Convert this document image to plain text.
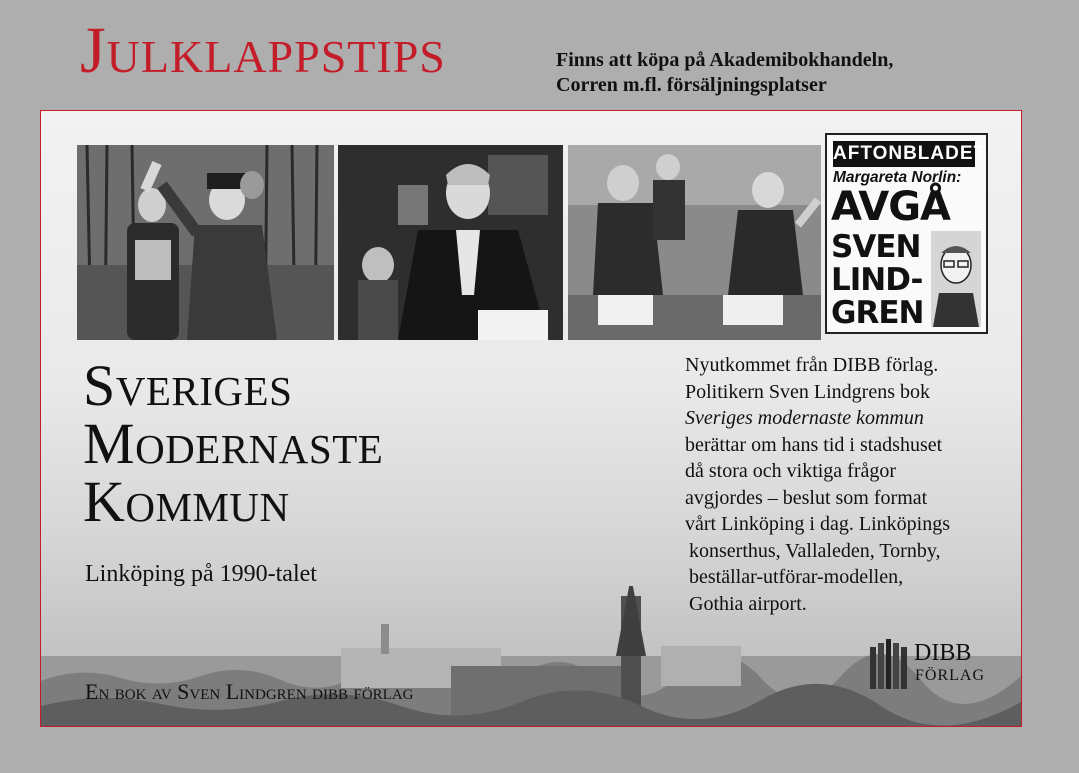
Julklappstips	Finns att köpa på Akademibokhandeln,
Corren m.fl. försäljningsplatser
AFTONBLADET
Margareta Norlin:
AVGÅ
SVEN
LIND-
GREN
Sveriges
Modernaste
Kommun
Linköping på 1990-talet
Nyutkommet från DIBB förlag.
Politikern Sven Lindgrens bok
Sveriges modernaste kommun
berättar om hans tid i stadshuset
då stora och viktiga frågor
avgjordes – beslut som format
vårt Linköping i dag. Linköpings
konserthus, Vallaleden, Tornby,
beställar-utförar-modellen,
Gothia airport.
En bok av Sven Lindgren dibb förlag
DIBB
FÖRLAG
